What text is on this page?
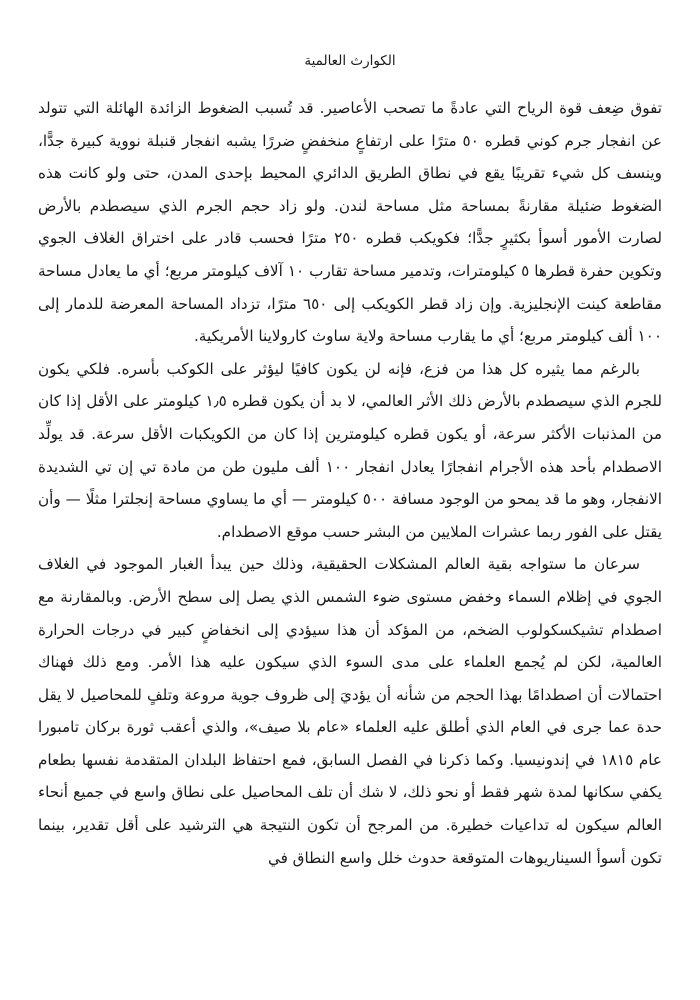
الكوارث العالمية

تفوق ضِعف قوة الرياح التي عادةً ما تصحب الأعاصير. قد تُسبب الضغوط الزائدة الهائلة التي تتولد عن انفجار جرم كوني قطره ٥٠ مترًا على ارتفاعٍ منخفضٍ ضررًا يشبه انفجار قنبلة نووية كبيرة جدًّا، وينسف كل شيء تقريبًا يقع في نطاق الطريق الدائري المحيط بإحدى المدن، حتى ولو كانت هذه الضغوط ضئيلة مقارنةً بمساحة مثل مساحة لندن. ولو زاد حجم الجرم الذي سيصطدم بالأرض لصارت الأمور أسوأ بكثيرٍ جدًّا؛ فكويكب قطره ٢٥٠ مترًا فحسب قادر على اختراق الغلاف الجوي وتكوين حفرة قطرها ٥ كيلومترات، وتدمير مساحة تقارب ١٠ آلاف كيلومتر مربع؛ أي ما يعادل مساحة مقاطعة كينت الإنجليزية. وإن زاد قطر الكويكب إلى ٦٥٠ مترًا، تزداد المساحة المعرضة للدمار إلى ١٠٠ ألف كيلومتر مربع؛ أي ما يقارب مساحة ولاية ساوث كارولاينا الأمريكية.

بالرغم مما يثيره كل هذا من فزع، فإنه لن يكون كافيًا ليؤثر على الكوكب بأسره. فلكي يكون للجرم الذي سيصطدم بالأرض ذلك الأثر العالمي، لا بد أن يكون قطره ١٫٥ كيلومتر على الأقل إذا كان من المذنبات الأكثر سرعة، أو يكون قطره كيلومترين إذا كان من الكويكبات الأقل سرعة. قد يولِّد الاصطدام بأحد هذه الأجرام انفجارًا يعادل انفجار ١٠٠ ألف مليون طن من مادة تي إن تي الشديدة الانفجار، وهو ما قد يمحو من الوجود مسافة ٥٠٠ كيلومتر — أي ما يساوي مساحة إنجلترا مثلًا — وأن يقتل على الفور ربما عشرات الملايين من البشر حسب موقع الاصطدام.

سرعان ما ستواجه بقية العالم المشكلات الحقيقية، وذلك حين يبدأ الغبار الموجود في الغلاف الجوي في إظلام السماء وخفض مستوى ضوء الشمس الذي يصل إلى سطح الأرض. وبالمقارنة مع اصطدام تشيكسكولوب الضخم، من المؤكد أن هذا سيؤدي إلى انخفاضٍ كبير في درجات الحرارة العالمية، لكن لم يُجمع العلماء على مدى السوء الذي سيكون عليه هذا الأمر. ومع ذلك فهناك احتمالات أن اصطدامًا بهذا الحجم من شأنه أن يؤديَ إلى ظروف جوية مروعة وتلفٍ للمحاصيل لا يقل حدة عما جرى في العام الذي أطلق عليه العلماء «عام بلا صيف»، والذي أعقب ثورة بركان تامبورا عام ١٨١٥ في إندونيسيا. وكما ذكرنا في الفصل السابق، فمع احتفاظ البلدان المتقدمة نفسها بطعام يكفي سكانها لمدة شهر فقط أو نحو ذلك، لا شك أن تلف المحاصيل على نطاق واسع في جميع أنحاء العالم سيكون له تداعيات خطيرة. من المرجح أن تكون النتيجة هي الترشيد على أقل تقدير، بينما تكون أسوأ السيناريوهات المتوقعة حدوث خلل واسع النطاق في
